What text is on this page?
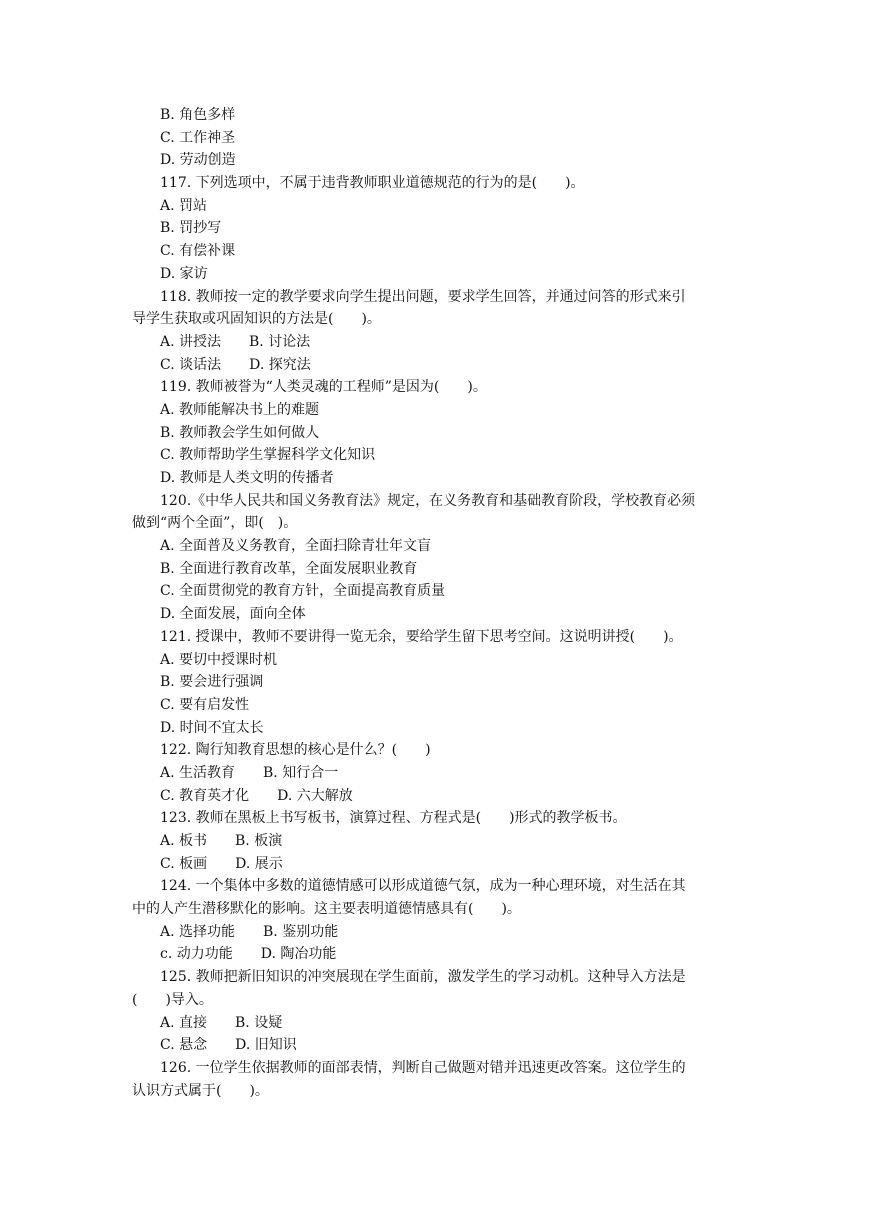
B. 角色多样
C. 工作神圣
D. 劳动创造
117. 下列选项中，不属于违背教师职业道德规范的行为的是(　　)。
A. 罚站
B. 罚抄写
C. 有偿补课
D. 家访
118. 教师按一定的教学要求向学生提出问题，要求学生回答，并通过问答的形式来引
导学生获取或巩固知识的方法是(　　)。
A. 讲授法　　B. 讨论法
C. 谈话法　　D. 探究法
119. 教师被誉为“人类灵魂的工程师”是因为(　　)。
A. 教师能解决书上的难题
B. 教师教会学生如何做人
C. 教师帮助学生掌握科学文化知识
D. 教师是人类文明的传播者
120.《中华人民共和国义务教育法》规定，在义务教育和基础教育阶段，学校教育必须
做到“两个全面”，即(　)。
A. 全面普及义务教育，全面扫除青壮年文盲
B. 全面进行教育改革，全面发展职业教育
C. 全面贯彻党的教育方针，全面提高教育质量
D. 全面发展，面向全体
121. 授课中，教师不要讲得一览无余，要给学生留下思考空间。这说明讲授(　　)。
A. 要切中授课时机
B. 要会进行强调
C. 要有启发性
D. 时间不宜太长
122. 陶行知教育思想的核心是什么？(　　)
A. 生活教育　　B. 知行合一
C. 教育英才化　　D. 六大解放
123. 教师在黑板上书写板书，演算过程、方程式是(　　)形式的教学板书。
A. 板书　　B. 板演
C. 板画　　D. 展示
124. 一个集体中多数的道德情感可以形成道德气氛，成为一种心理环境，对生活在其
中的人产生潜移默化的影响。这主要表明道德情感具有(　　)。
A. 选择功能　　B. 鉴别功能
c. 动力功能　　D. 陶冶功能
125. 教师把新旧知识的冲突展现在学生面前，激发学生的学习动机。这种导入方法是
(　　)导入。
A. 直接　　B. 设疑
C. 悬念　　D. 旧知识
126. 一位学生依据教师的面部表情，判断自己做题对错并迅速更改答案。这位学生的
认识方式属于(　　)。
